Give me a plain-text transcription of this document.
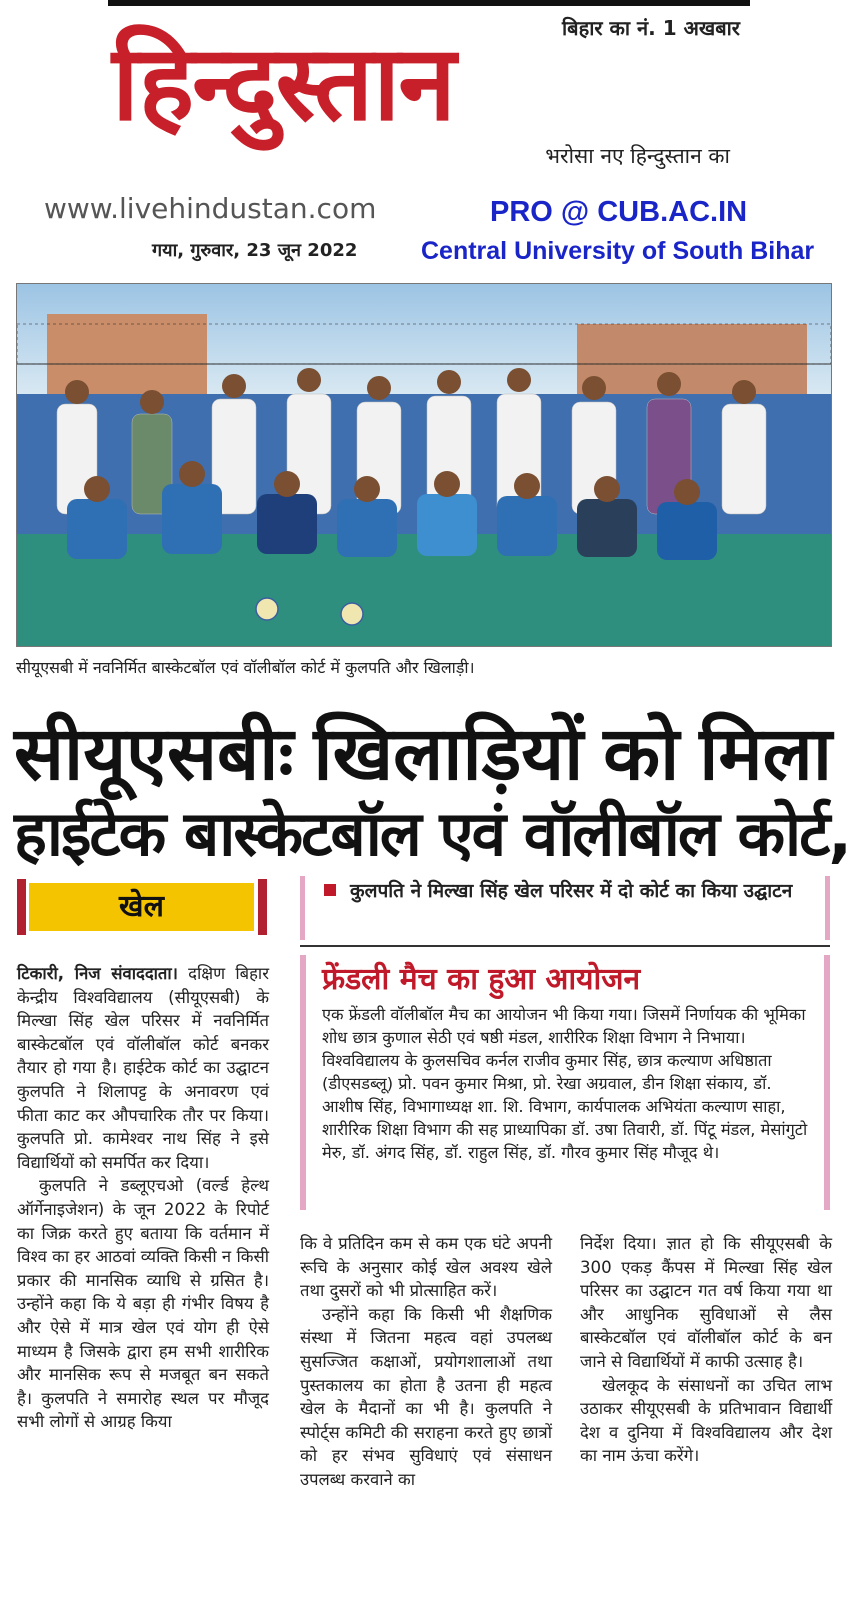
बिहार का नं. 1 अखबार
हिन्दुस्तान
भरोसा नए हिन्दुस्तान का
www.livehindustan.com
गया, गुरुवार, 23 जून 2022
PRO @ CUB.AC.IN
Central University of South Bihar
सीयूएसबी में नवनिर्मित बास्केटबॉल एवं वॉलीबॉल कोर्ट में कुलपति और खिलाड़ी।
सीयूएसबीः खिलाड़ियों को मिला
हाईटेक बास्केटबॉल एवं वॉलीबॉल कोर्ट,
खेल	कुलपति ने मिल्खा सिंह खेल परिसर में दो कोर्ट का किया उद्घाटन
फ्रेंडली मैच का हुआ आयोजन
एक फ्रेंडली वॉलीबॉल मैच का आयोजन भी किया गया। जिसमें निर्णायक की भूमिका शोध छात्र कुणाल सेठी एवं षष्ठी मंडल, शारीरिक शिक्षा विभाग ने निभाया। विश्वविद्यालय के कुलसचिव कर्नल राजीव कुमार सिंह, छात्र कल्याण अधिष्ठाता (डीएसडब्लू) प्रो. पवन कुमार मिश्रा, प्रो. रेखा अग्रवाल, डीन शिक्षा संकाय, डॉ. आशीष सिंह, विभागाध्यक्ष शा. शि. विभाग, कार्यपालक अभियंता कल्याण साहा, शारीरिक शिक्षा विभाग की सह प्राध्यापिका डॉ. उषा तिवारी, डॉ. पिंटू मंडल, मेसांगुटो मेरु, डॉ. अंगद सिंह, डॉ. राहुल सिंह, डॉ. गौरव कुमार सिंह मौजूद थे।

टिकारी, निज संवाददाता। दक्षिण बिहार केन्द्रीय विश्वविद्यालय (सीयूएसबी) के मिल्खा सिंह खेल परिसर में नवनिर्मित बास्केटबॉल एवं वॉलीबॉल कोर्ट बनकर तैयार हो गया है। हाईटेक कोर्ट का उद्घाटन कुलपति ने शिलापट्ट के अनावरण एवं फीता काट कर औपचारिक तौर पर किया। कुलपति प्रो. कामेश्वर नाथ सिंह ने इसे विद्यार्थियों को समर्पित कर दिया।

कुलपति ने डब्लूएचओ (वर्ल्ड हेल्थ ऑर्गेनाइजेशन) के जून 2022 के रिपोर्ट का जिक्र करते हुए बताया कि वर्तमान में विश्व का हर आठवां व्यक्ति किसी न किसी प्रकार की मानसिक व्याधि से ग्रसित है। उन्होंने कहा कि ये बड़ा ही गंभीर विषय है और ऐसे में मात्र खेल एवं योग ही ऐसे माध्यम है जिसके द्वारा हम सभी शारीरिक और मानसिक रूप से मजबूत बन सकते है। कुलपति ने समारोह स्थल पर मौजूद सभी लोगों से आग्रह किया

कि वे प्रतिदिन कम से कम एक घंटे अपनी रूचि के अनुसार कोई खेल अवश्य खेले तथा दुसरों को भी प्रोत्साहित करें।

उन्होंने कहा कि किसी भी शैक्षणिक संस्था में जितना महत्व वहां उपलब्ध सुसज्जित कक्षाओं, प्रयोगशालाओं तथा पुस्तकालय का होता है उतना ही महत्व खेल के मैदानों का भी है। कुलपति ने स्पोर्ट्स कमिटी की सराहना करते हुए छात्रों को हर संभव सुविधाएं एवं संसाधन उपलब्ध करवाने का

निर्देश दिया। ज्ञात हो कि सीयूएसबी के 300 एकड़ कैंपस में मिल्खा सिंह खेल परिसर का उद्घाटन गत वर्ष किया गया था और आधुनिक सुविधाओं से लैस बास्केटबॉल एवं वॉलीबॉल कोर्ट के बन जाने से विद्यार्थियों में काफी उत्साह है।

खेलकूद के संसाधनों का उचित लाभ उठाकर सीयूएसबी के प्रतिभावान विद्यार्थी देश व दुनिया में विश्वविद्यालय और देश का नाम ऊंचा करेंगे।
